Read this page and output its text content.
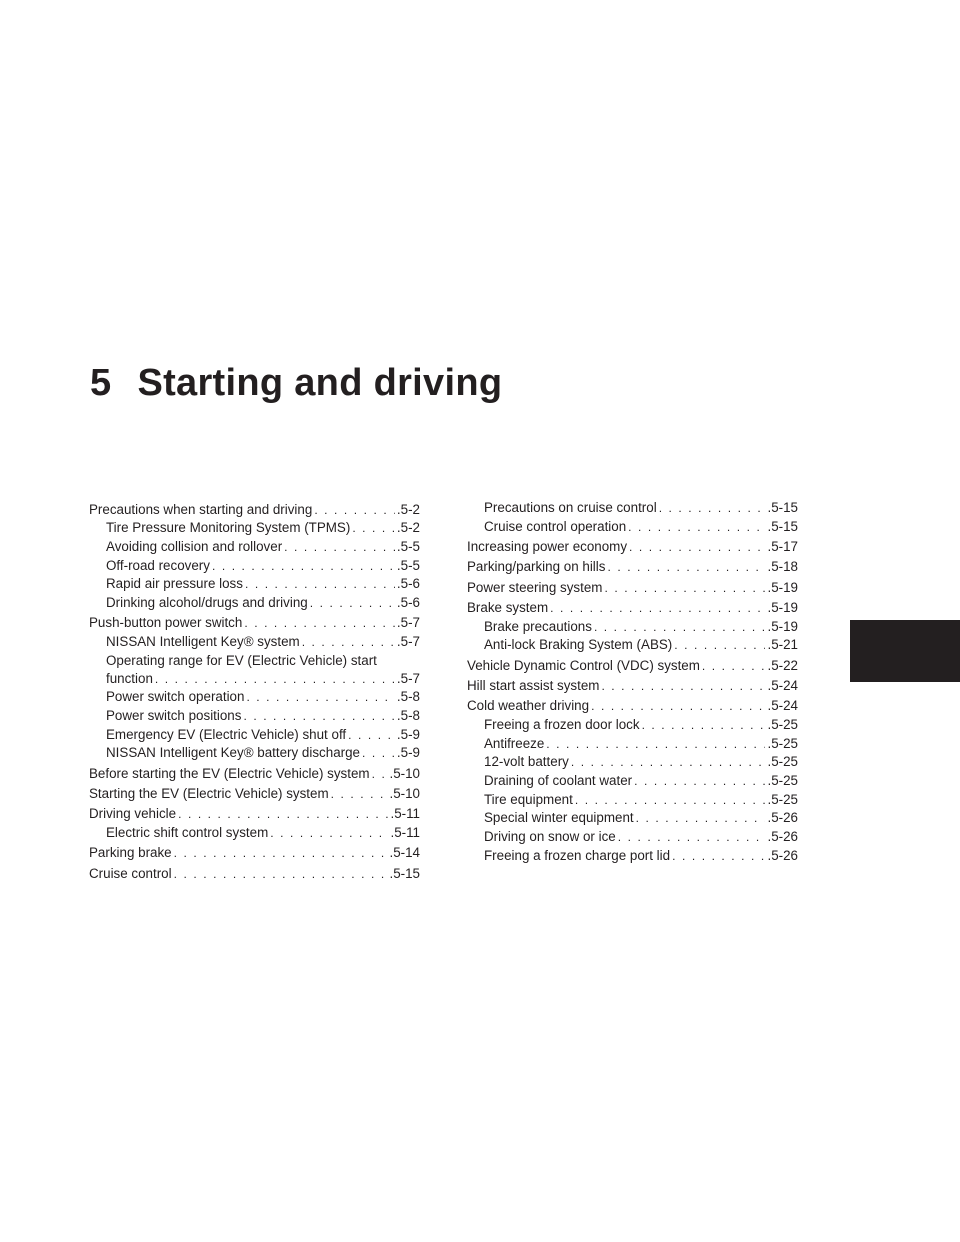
5 Starting and driving
Precautions when starting and driving . . .	.5-2
Tire Pressure Monitoring System (TPMS) . . .	.5-2
Avoiding collision and rollover . . .	.5-5
Off-road recovery . . .	.5-5
Rapid air pressure loss . . .	.5-6
Drinking alcohol/drugs and driving . . .	.5-6
Push-button power switch . . .	.5-7
NISSAN Intelligent Key® system . . .	.5-7
Operating range for EV (Electric Vehicle) start
function . . .	.5-7
Power switch operation . . .	.5-8
Power switch positions . . .	.5-8
Emergency EV (Electric Vehicle) shut off . . .	.5-9
NISSAN Intelligent Key® battery discharge . . .	.5-9
Before starting the EV (Electric Vehicle) system . . . .5-10
Starting the EV (Electric Vehicle) system . . .	.5-10
Driving vehicle . . .	.5-11
Electric shift control system . . .	.5-11
Parking brake . . .	.5-14
Cruise control . . .	.5-15
Precautions on cruise control . . .	.5-15
Cruise control operation . . .	.5-15
Increasing power economy . . .	.5-17
Parking/parking on hills . . .	.5-18
Power steering system . . .	.5-19
Brake system . . .	.5-19
Brake precautions . . .	.5-19
Anti-lock Braking System (ABS) . . .	.5-21
Vehicle Dynamic Control (VDC) system . . .	.5-22
Hill start assist system . . .	.5-24
Cold weather driving . . .	.5-24
Freeing a frozen door lock . . .	.5-25
Antifreeze . . .	.5-25
12-volt battery . . .	.5-25
Draining of coolant water . . .	.5-25
Tire equipment . . .	.5-25
Special winter equipment . . .	.5-26
Driving on snow or ice . . .	.5-26
Freeing a frozen charge port lid . . .	.5-26
